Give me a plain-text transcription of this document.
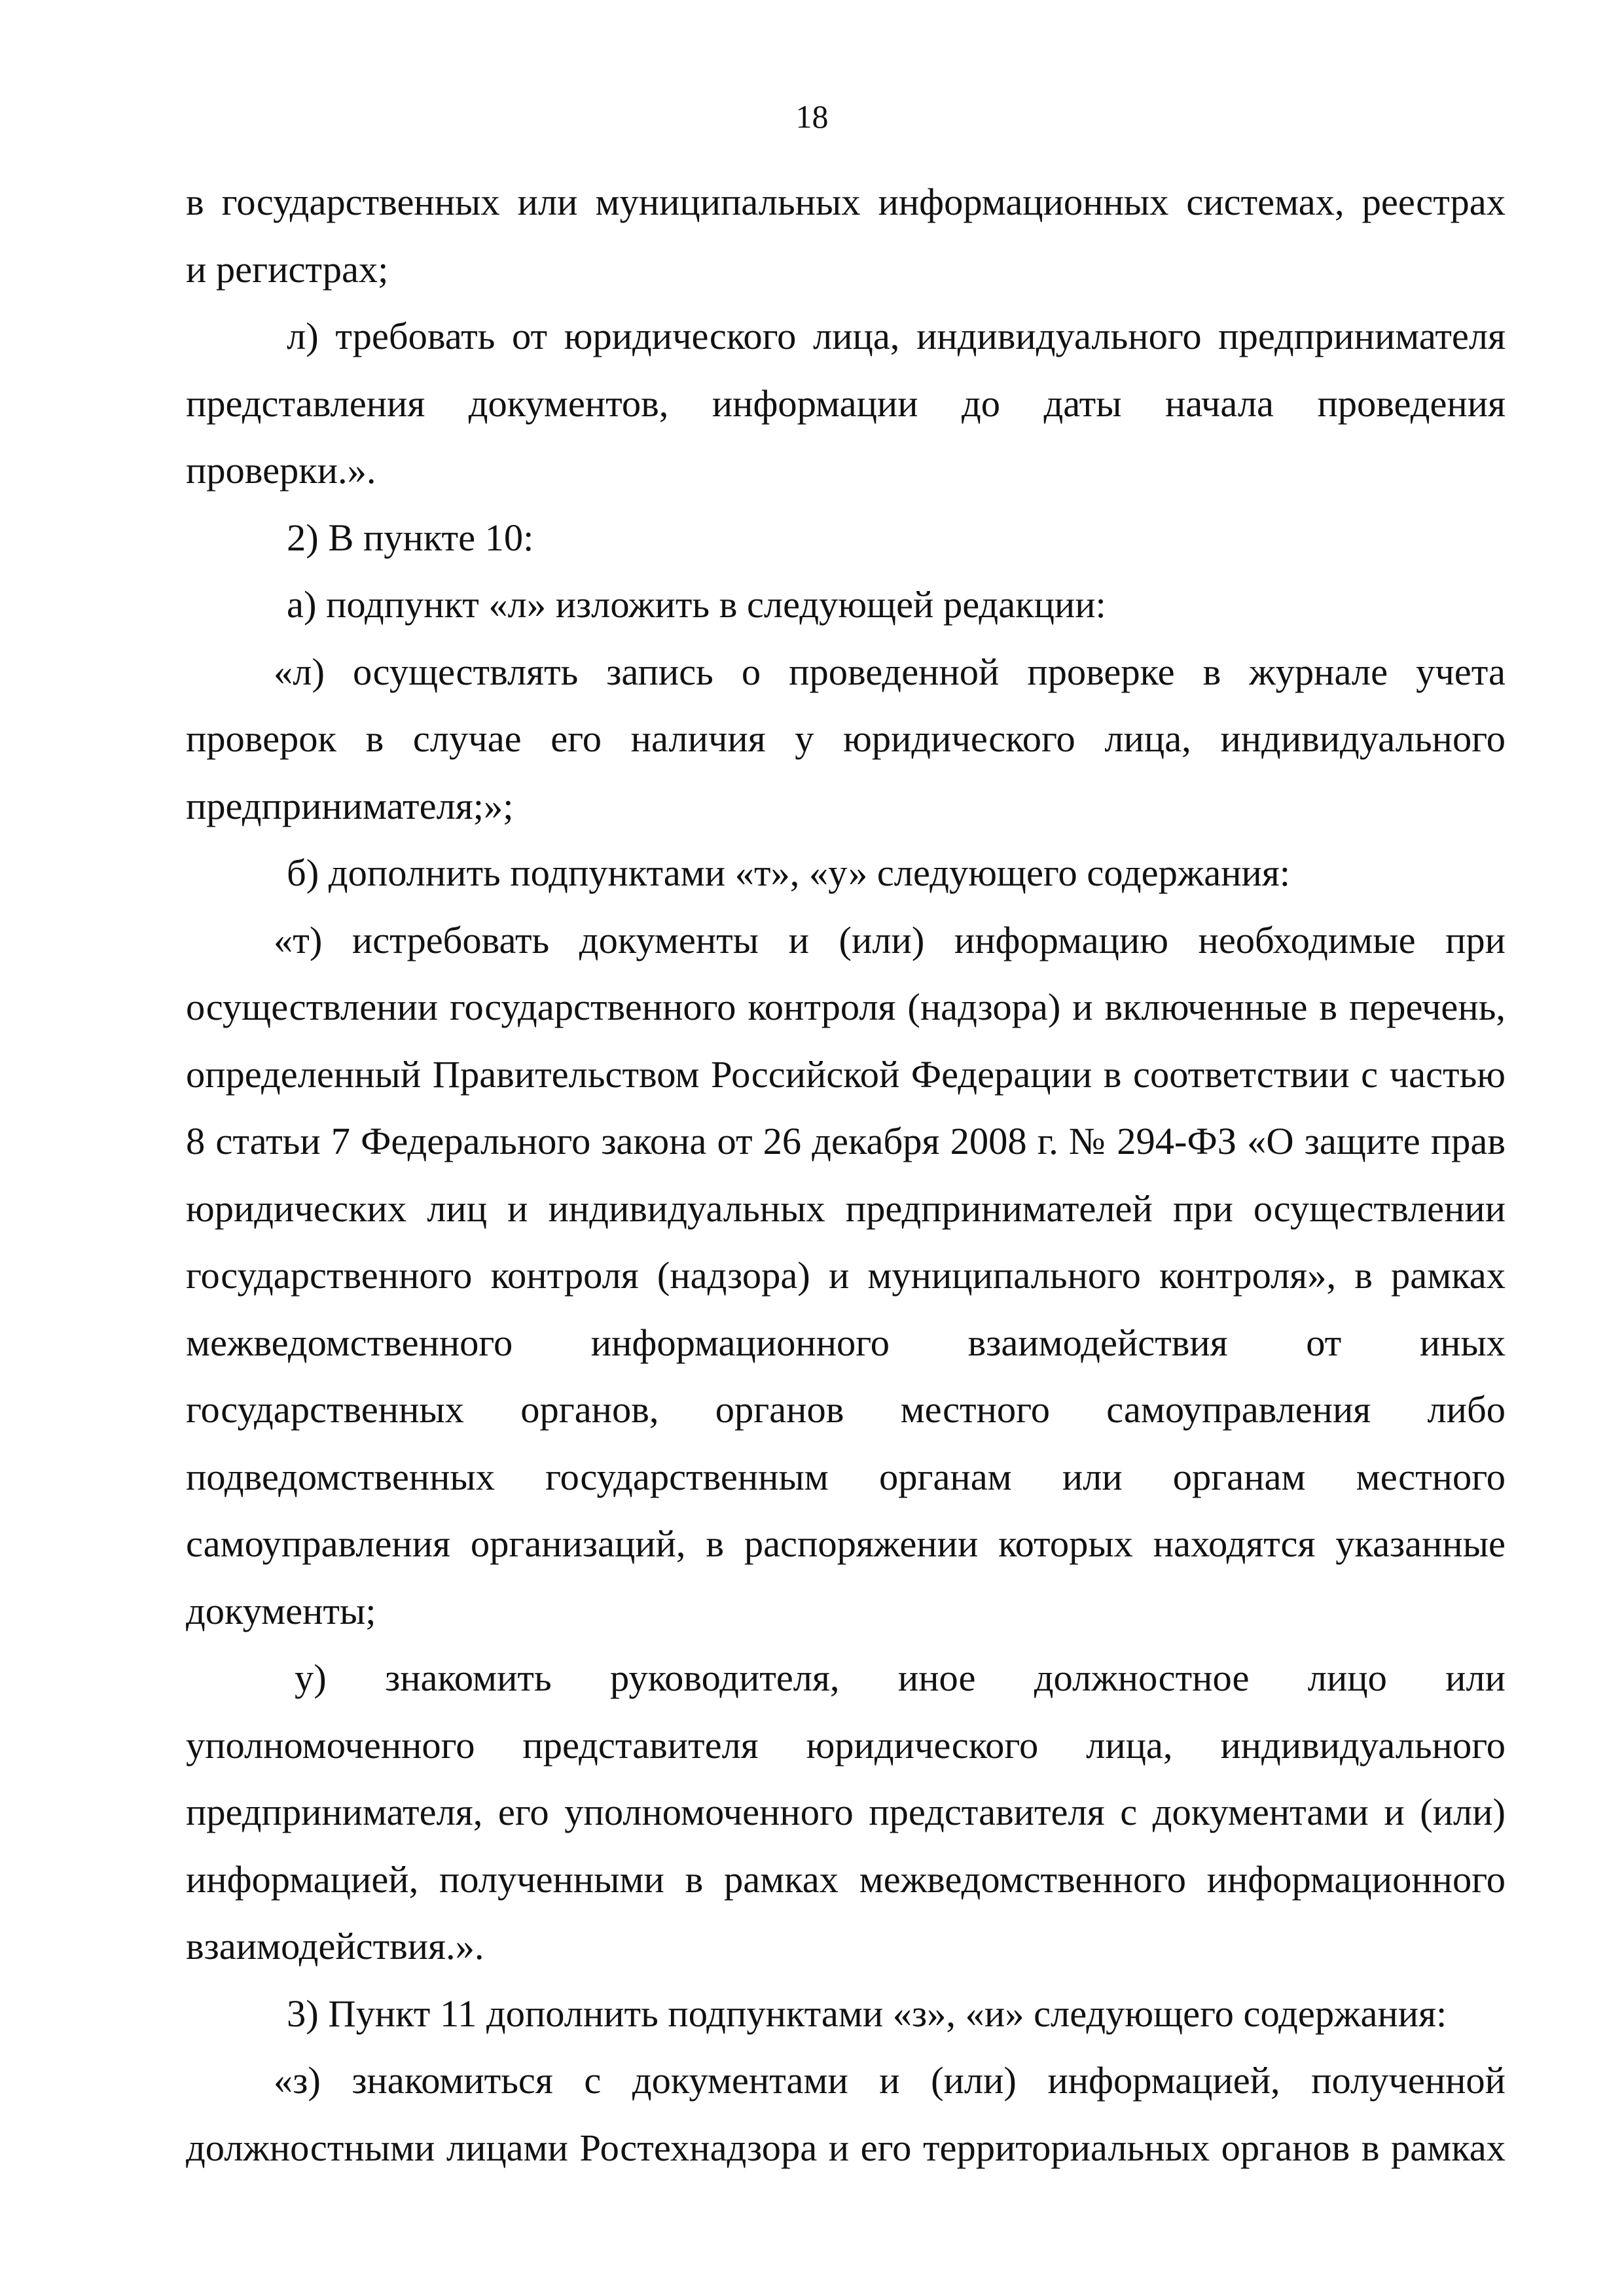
18
в государственных или муниципальных информационных системах, реестрах
и регистрах;
л) требовать от юридического лица, индивидуального предпринимателя
представления документов, информации до даты начала проведения
проверки.».
2) В пункте 10:
а) подпункт «л» изложить в следующей редакции:
«л) осуществлять запись о проведенной проверке в журнале учета
проверок в случае его наличия у юридического лица, индивидуального
предпринимателя;»;
б) дополнить подпунктами «т», «у» следующего содержания:
«т) истребовать документы и (или) информацию необходимые при
осуществлении государственного контроля (надзора) и включенные в перечень,
определенный Правительством Российской Федерации в соответствии с частью
8 статьи 7 Федерального закона от 26 декабря 2008 г. № 294-ФЗ «О защите прав
юридических лиц и индивидуальных предпринимателей при осуществлении
государственного контроля (надзора) и муниципального контроля», в рамках
межведомственного информационного взаимодействия от иных
государственных органов, органов местного самоуправления либо
подведомственных государственным органам или органам местного
самоуправления организаций, в распоряжении которых находятся указанные
документы;
у) знакомить руководителя, иное должностное лицо или
уполномоченного представителя юридического лица, индивидуального
предпринимателя, его уполномоченного представителя с документами и (или)
информацией, полученными в рамках межведомственного информационного
взаимодействия.».
3) Пункт 11 дополнить подпунктами «з», «и» следующего содержания:
«з) знакомиться с документами и (или) информацией, полученной
должностными лицами Ростехнадзора и его территориальных органов в рамках
